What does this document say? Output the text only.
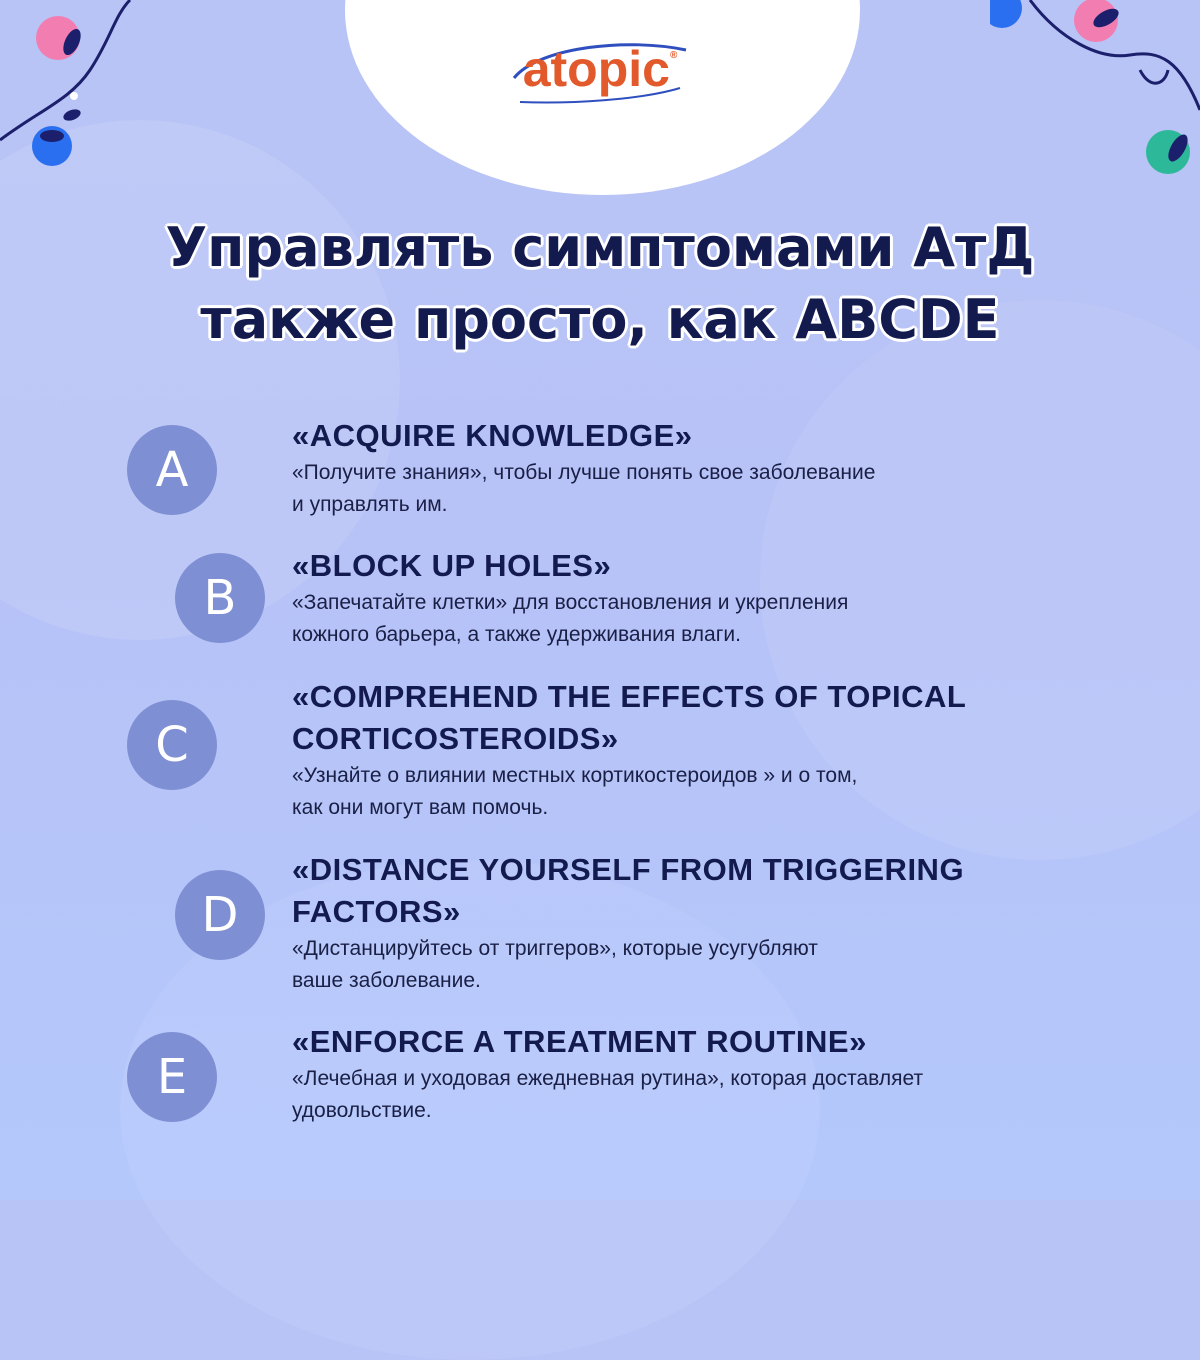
atopic®
Управлять симптомами АтД
также просто, как ABCDE
A
«ACQUIRE KNOWLEDGE»
«Получите знания», чтобы лучше понять свое заболевание
и управлять им.
B
«BLOCK UP HOLES»
«Запечатайте клетки» для восстановления и укрепления
кожного барьера, а также удерживания влаги.
C
«COMPREHEND THE EFFECTS OF TOPICAL
CORTICOSTEROIDS»
«Узнайте о влиянии местных кортикостероидов » и о том,
как они могут вам помочь.
D
«DISTANCE YOURSELF FROM TRIGGERING
FACTORS»
«Дистанцируйтесь от триггеров», которые усугубляют
ваше заболевание.
E
«ENFORCE A TREATMENT ROUTINE»
«Лечебная и уходовая ежедневная рутина», которая доставляет
удовольствие.
